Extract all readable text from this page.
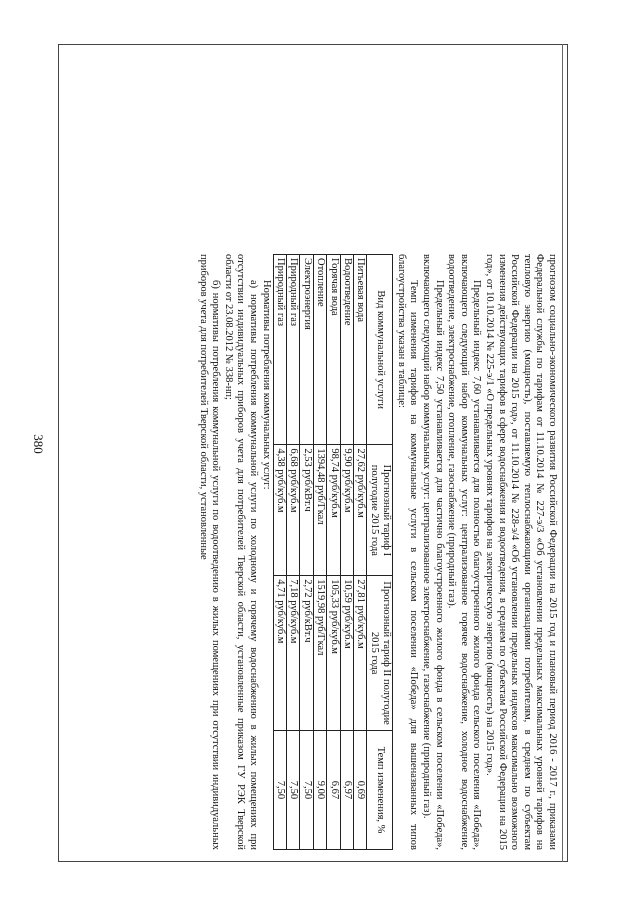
380	прогнозом социально-экономического развития Российской Федерации на 2015 год и плановый период 2016 - 2017 г., приказами Федеральной службы по тарифам от 11.10.2014 № 227-э/3 «Об установлении предельных максимальных уровней тарифов на тепловую энергию (мощность), поставляемую теплоснабжающими организациями потребителям, в среднем по субъектам Российской Федерации на 2015 год», от 11.10.2014 № 228-э/4 «Об установлении предельных индексов максимально возможного изменения действующих тарифов в сфере водоснабжения и водоотведения, в среднем по субъектам Российской Федерации на 2015 год», от 10.10.2014 № 225-э/1 «О предельных уровнях тарифов на электрическую энергию (мощность) на 2015 год».

Предельный индекс 7,60 устанавливается для полностью благоустроенного жилого фонда сельского поселения «Победа», включающего следующий набор коммунальных услуг: централизованное горячее водоснабжение, холодное водоснабжение, водоотведение, электроснабжение, отопление, газоснабжение (природный газ).

Предельный индекс 7,50 устанавливается для частично благоустроенного жилого фонда в сельском поселении «Победа», включающего следующий набор коммунальных услуг: централизованное электроснабжение, газоснабжение (природный газ).

Темп изменения тарифов на коммунальные услуги в сельском поселении «Победа» для вышеназванных типов благоустройства указан в таблице:

Вид коммунальной услуги	Прогнозный тариф I полугодие 2015 года	Прогнозный тариф II полугодие 2015 года	Темп изменения, %
Питьевая вода	27,62 руб/куб.м	27,81 руб/куб.м	0,69
Водоотведение	9,90 руб/куб.м	10,59 руб/куб.м	6,97
Горячая вода	98,74 руб/куб.м	105,33 руб/куб.м	6,67
Отопление	1394,48 руб/Гкал	1519,98 руб/Гкал	9,00
Электроэнергия	2,53 руб/кВт.ч	2,72 руб/кВт.ч	7,50
Природный газ	6,68 руб/куб.м	7,18 руб/куб.м	7,50
Природный газ	4,38 руб/куб.м	4,71 руб/куб.м	7,50

Нормативы потребления коммунальных услуг:

а) нормативы потребления коммунальной услуги по холодному и горячему водоснабжению в жилых помещениях при отсутствии индивидуальных приборов учета для потребителей Тверской области, установленные приказом ГУ РЭК Тверской области от 23.08.2012 № 338-нп;

б) нормативы потребления коммунальной услуги по водоотведению в жилых помещениях при отсутствии индивидуальных приборов учета для потребителей Тверской области, установленные
